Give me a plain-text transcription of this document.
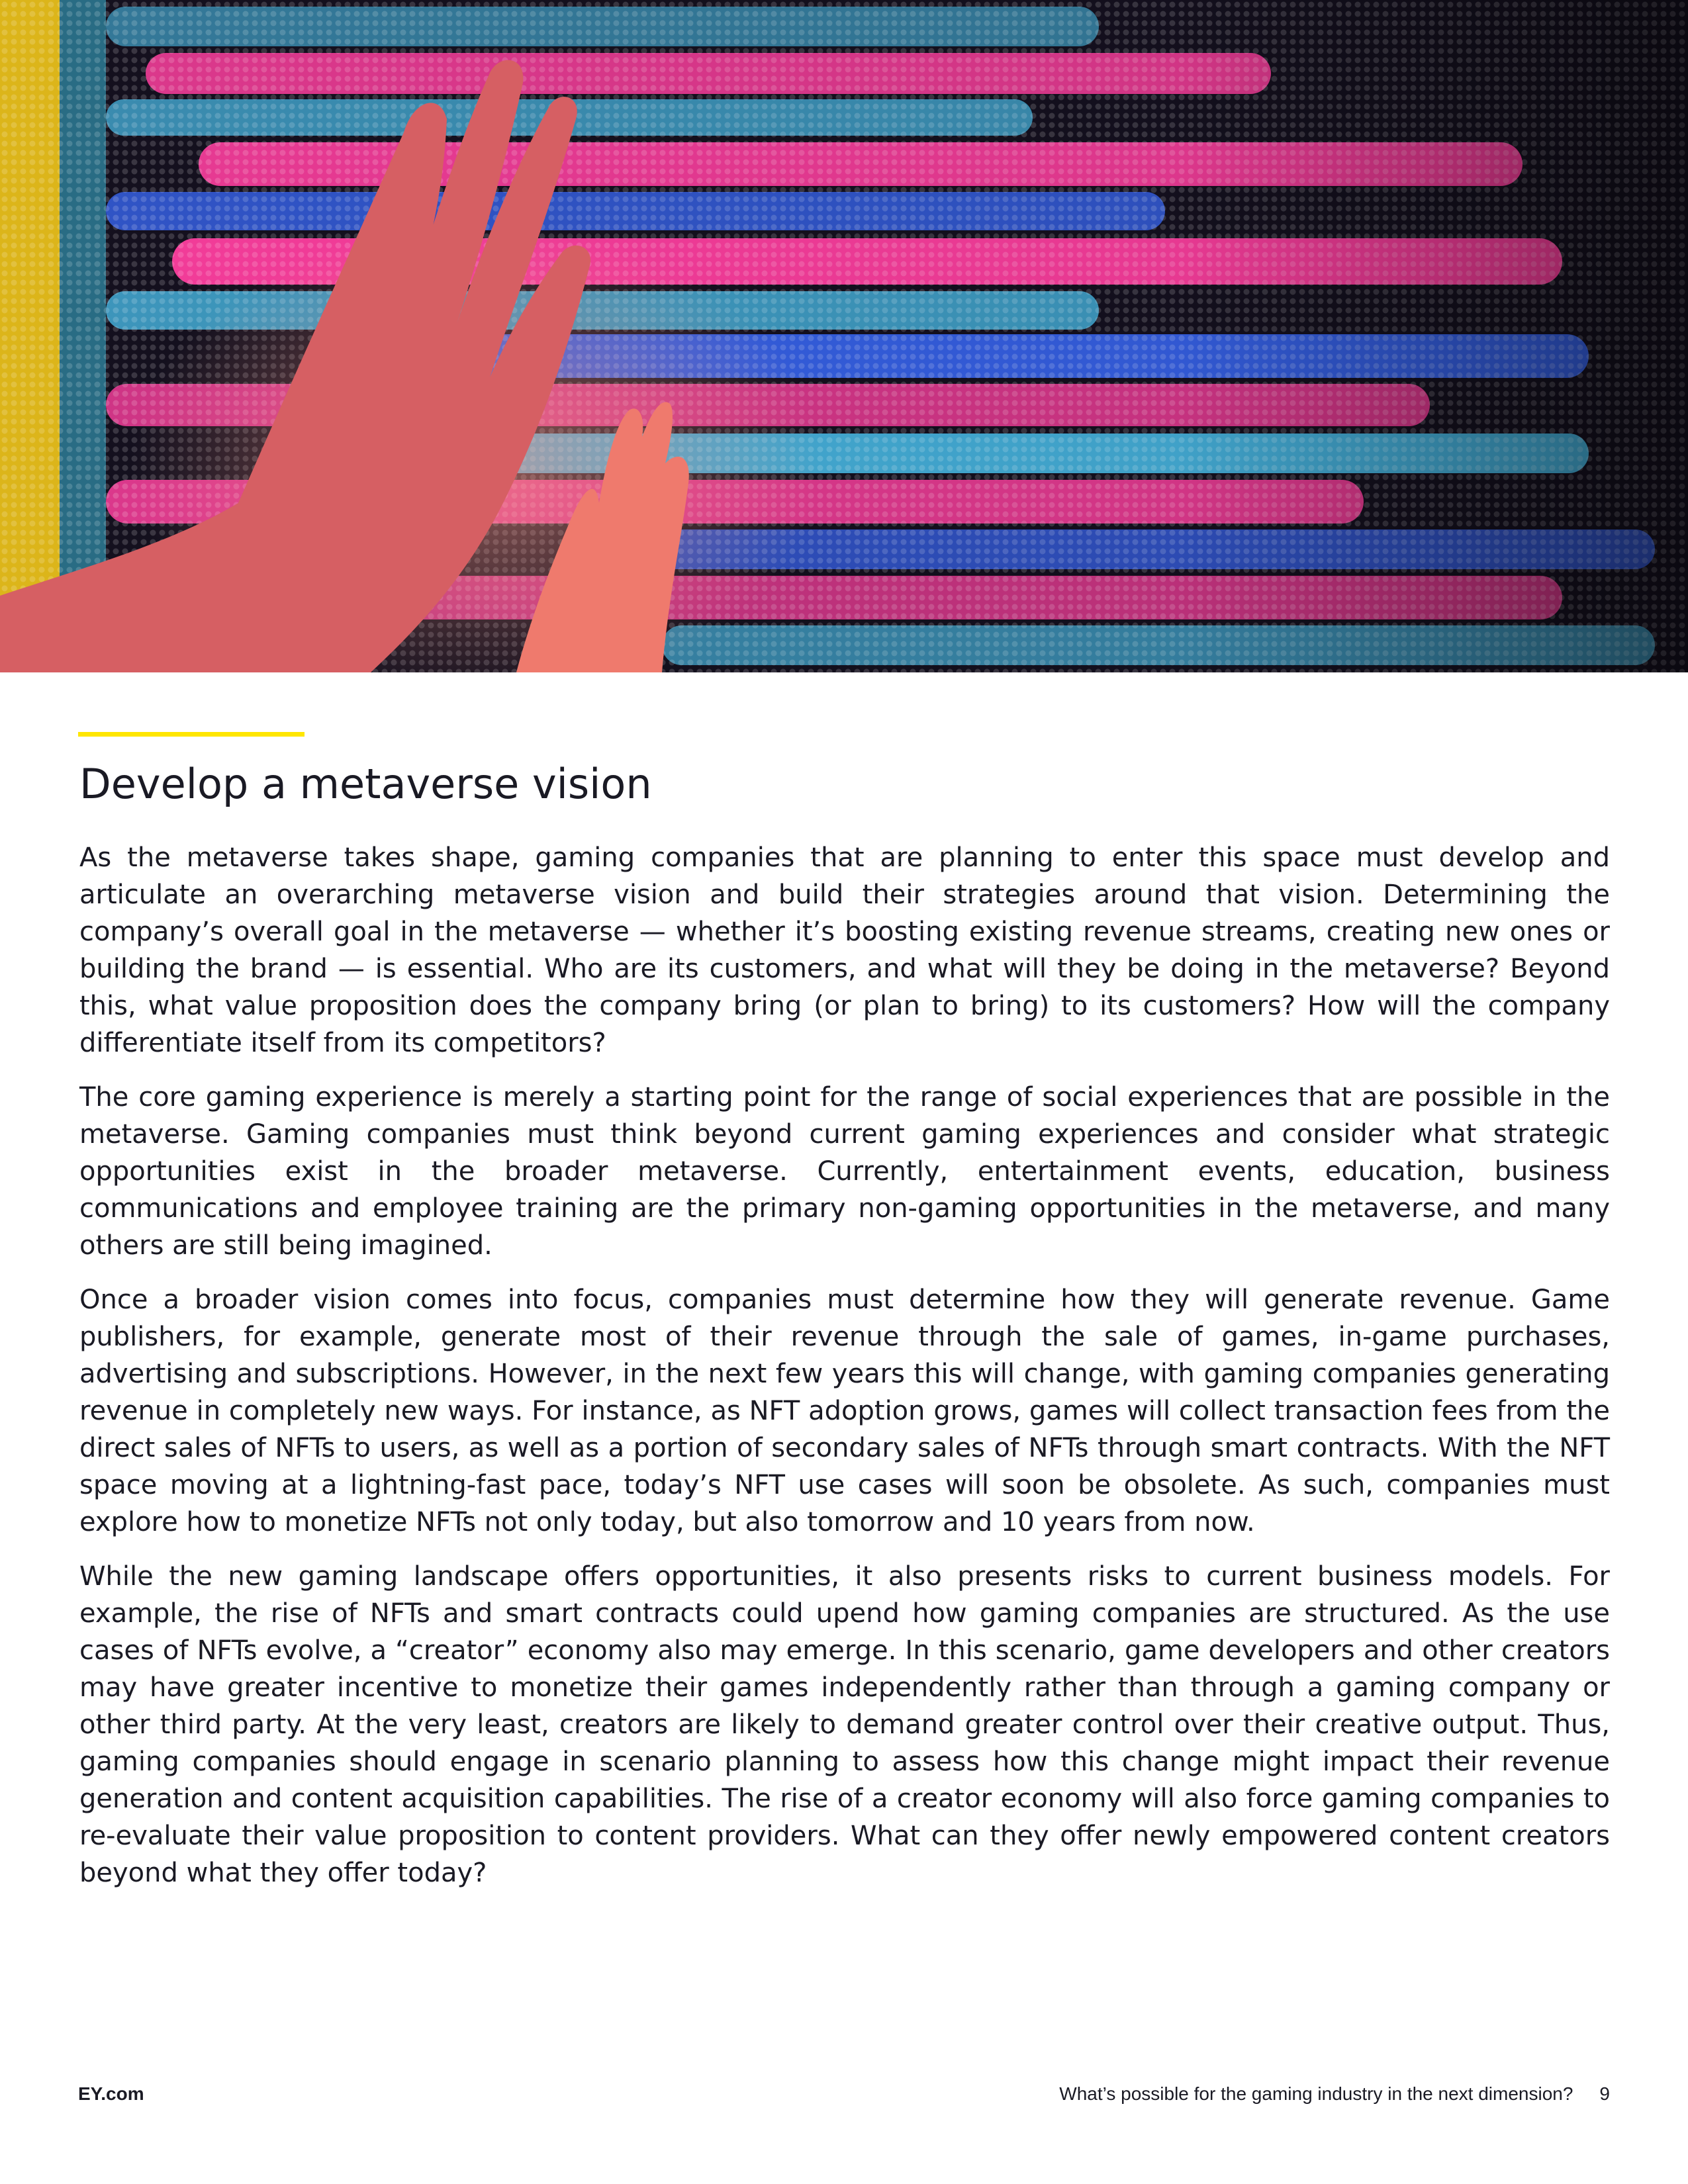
Develop a metaverse vision

As the metaverse takes shape, gaming companies that are planning to enter this space must develop and articulate an overarching metaverse vision and build their strategies around that vision. Determining the company’s overall goal in the metaverse — whether it’s boosting existing revenue streams, creating new ones or building the brand — is essential. Who are its customers, and what will they be doing in the metaverse? Beyond this, what value proposition does the company bring (or plan to bring) to its customers? How will the company differentiate itself from its competitors?

The core gaming experience is merely a starting point for the range of social experiences that are possible in the metaverse. Gaming companies must think beyond current gaming experiences and consider what strategic opportunities exist in the broader metaverse. Currently, entertainment events, education, business communications and employee training are the primary non-gaming opportunities in the metaverse, and many others are still being imagined.

Once a broader vision comes into focus, companies must determine how they will generate revenue. Game publishers, for example, generate most of their revenue through the sale of games, in-game purchases, advertising and subscriptions. However, in the next few years this will change, with gaming companies generating revenue in completely new ways. For instance, as NFT adoption grows, games will collect transaction fees from the direct sales of NFTs to users, as well as a portion of secondary sales of NFTs through smart contracts. With the NFT space moving at a lightning-fast pace, today’s NFT use cases will soon be obsolete. As such, companies must explore how to monetize NFTs not only today, but also tomorrow and 10 years from now.

While the new gaming landscape offers opportunities, it also presents risks to current business models. For example, the rise of NFTs and smart contracts could upend how gaming companies are structured. As the use cases of NFTs evolve, a “creator” economy also may emerge. In this scenario, game developers and other creators may have greater incentive to monetize their games independently rather than through a gaming company or other third party. At the very least, creators are likely to demand greater control over their creative output. Thus, gaming companies should engage in scenario planning to assess how this change might impact their revenue generation and content acquisition capabilities. The rise of a creator economy will also force gaming companies to re-evaluate their value proposition to content providers. What can they offer newly empowered content creators beyond what they offer today?

EY.com	What’s possible for the gaming industry in the next dimension? 9
